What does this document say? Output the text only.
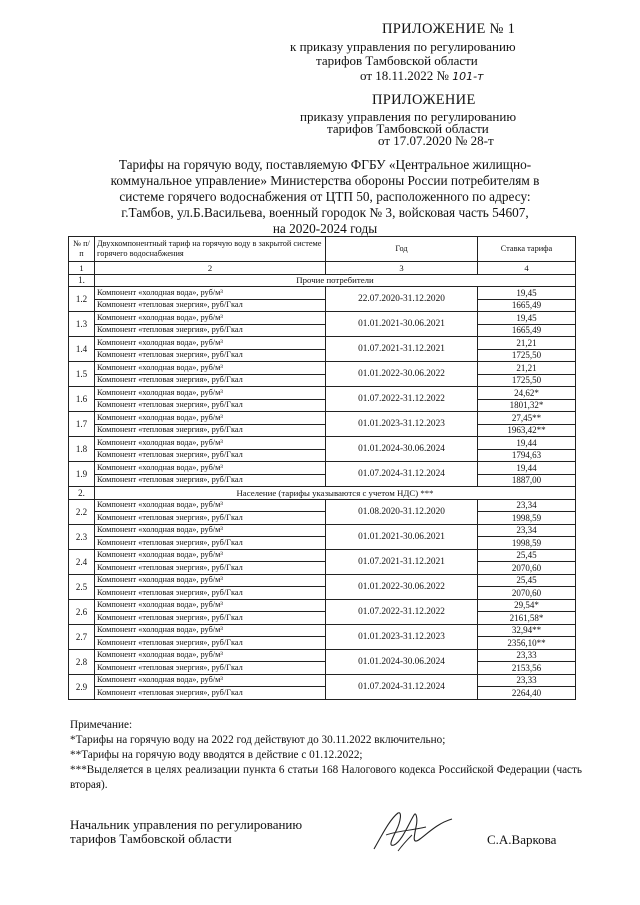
ПРИЛОЖЕНИЕ № 1
к приказу управления по регулированию
тарифов Тамбовской области
от 18.11.2022 № 101-т
ПРИЛОЖЕНИЕ
приказу управления по регулированию
тарифов Тамбовской области
от 17.07.2020 № 28-т
Тарифы на горячую воду, поставляемую ФГБУ «Центральное жилищно-
коммунальное управление» Министерства обороны России потребителям в
системе горячего водоснабжения от ЦТП 50, расположенного по адресу:
г.Тамбов, ул.Б.Васильева, военный городок № 3, войсковая часть 54607,
на 2020-2024 годы
№ п/п	Двухкомпонентный тариф на горячую воду в закрытой системе горячего водоснабжения	Год	Ставка тарифа
1	2	3	4
1.	Прочие потребители		
1.2	Компонент «холодная вода», руб/м³	22.07.2020-31.12.2020	19,45
	Компонент «тепловая энергия», руб/Гкал		1665,49
1.3	Компонент «холодная вода», руб/м³	01.01.2021-30.06.2021	19,45
	Компонент «тепловая энергия», руб/Гкал		1665,49
1.4	Компонент «холодная вода», руб/м³	01.07.2021-31.12.2021	21,21
	Компонент «тепловая энергия», руб/Гкал		1725,50
1.5	Компонент «холодная вода», руб/м³	01.01.2022-30.06.2022	21,21
	Компонент «тепловая энергия», руб/Гкал		1725,50
1.6	Компонент «холодная вода», руб/м³	01.07.2022-31.12.2022	24,62*
	Компонент «тепловая энергия», руб/Гкал		1801,32*
1.7	Компонент «холодная вода», руб/м³	01.01.2023-31.12.2023	27,45**
	Компонент «тепловая энергия», руб/Гкал		1963,42**
1.8	Компонент «холодная вода», руб/м³	01.01.2024-30.06.2024	19,44
	Компонент «тепловая энергия», руб/Гкал		1794,63
1.9	Компонент «холодная вода», руб/м³	01.07.2024-31.12.2024	19,44
	Компонент «тепловая энергия», руб/Гкал		1887,00
2.	Население (тарифы указываются с учетом НДС) ***		
2.2	Компонент «холодная вода», руб/м³	01.08.2020-31.12.2020	23,34
	Компонент «тепловая энергия», руб/Гкал		1998,59
2.3	Компонент «холодная вода», руб/м³	01.01.2021-30.06.2021	23,34
	Компонент «тепловая энергия», руб/Гкал		1998,59
2.4	Компонент «холодная вода», руб/м³	01.07.2021-31.12.2021	25,45
	Компонент «тепловая энергия», руб/Гкал		2070,60
2.5	Компонент «холодная вода», руб/м³	01.01.2022-30.06.2022	25,45
	Компонент «тепловая энергия», руб/Гкал		2070,60
2.6	Компонент «холодная вода», руб/м³	01.07.2022-31.12.2022	29,54*
	Компонент «тепловая энергия», руб/Гкал		2161,58*
2.7	Компонент «холодная вода», руб/м³	01.01.2023-31.12.2023	32,94**
	Компонент «тепловая энергия», руб/Гкал		2356,10**
2.8	Компонент «холодная вода», руб/м³	01.01.2024-30.06.2024	23,33
	Компонент «тепловая энергия», руб/Гкал		2153,56
2.9	Компонент «холодная вода», руб/м³	01.07.2024-31.12.2024	23,33
	Компонент «тепловая энергия», руб/Гкал		2264,40

Примечание:

*Тарифы на горячую воду на 2022 год действуют до 30.11.2022 включительно;

**Тарифы на горячую воду вводятся в действие с 01.12.2022;

***Выделяется в целях реализации пункта 6 статьи 168 Налогового кодекса Российской Федерации (часть вторая).

Начальник управления по регулированию
тарифов Тамбовской области	С.А.Варкова
